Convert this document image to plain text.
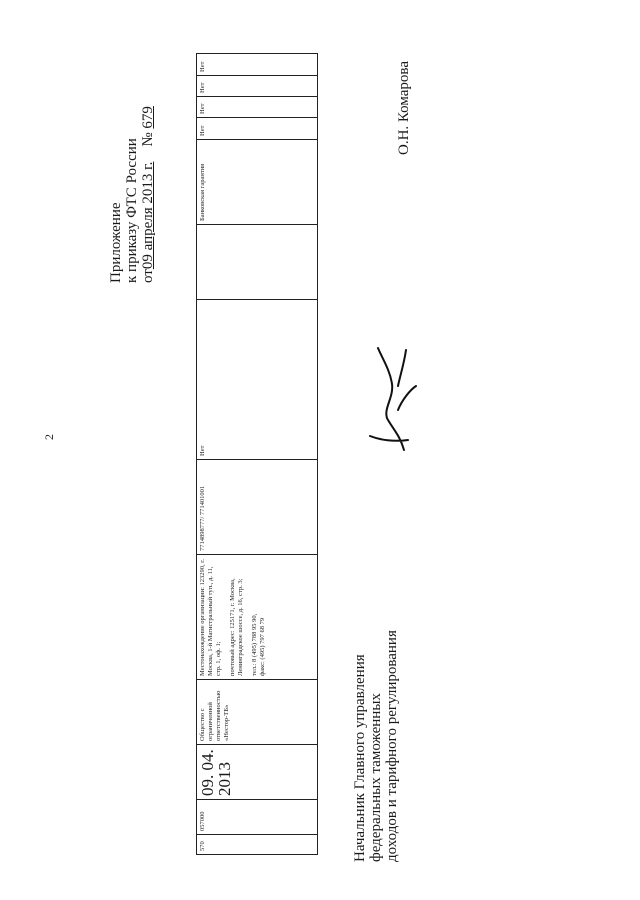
2
Приложение к приказу ФТС России от09 апреля 2013 г.    № 679
570
057000
09. 04. 2013
Общество с ограниченной ответственностью «Нестор-ТБ»
Местонахождение организации: 123290, г. Москва, 1-й Магистральный туп., д. 11, стр. 1, оф. 1; почтовый адрес: 125171, г. Москва, Ленинградское шоссе, д. 16, стр. 3; тел.: 8 (495) 788 95 90, факс: (495) 797 68 79
7714898777/ 771401001
Нет
Банковская гарантия
Нет
Нет
Нет
Нет
Начальник Главного управления федеральных таможенных доходов и тарифного регулирования
О.Н. Комарова
